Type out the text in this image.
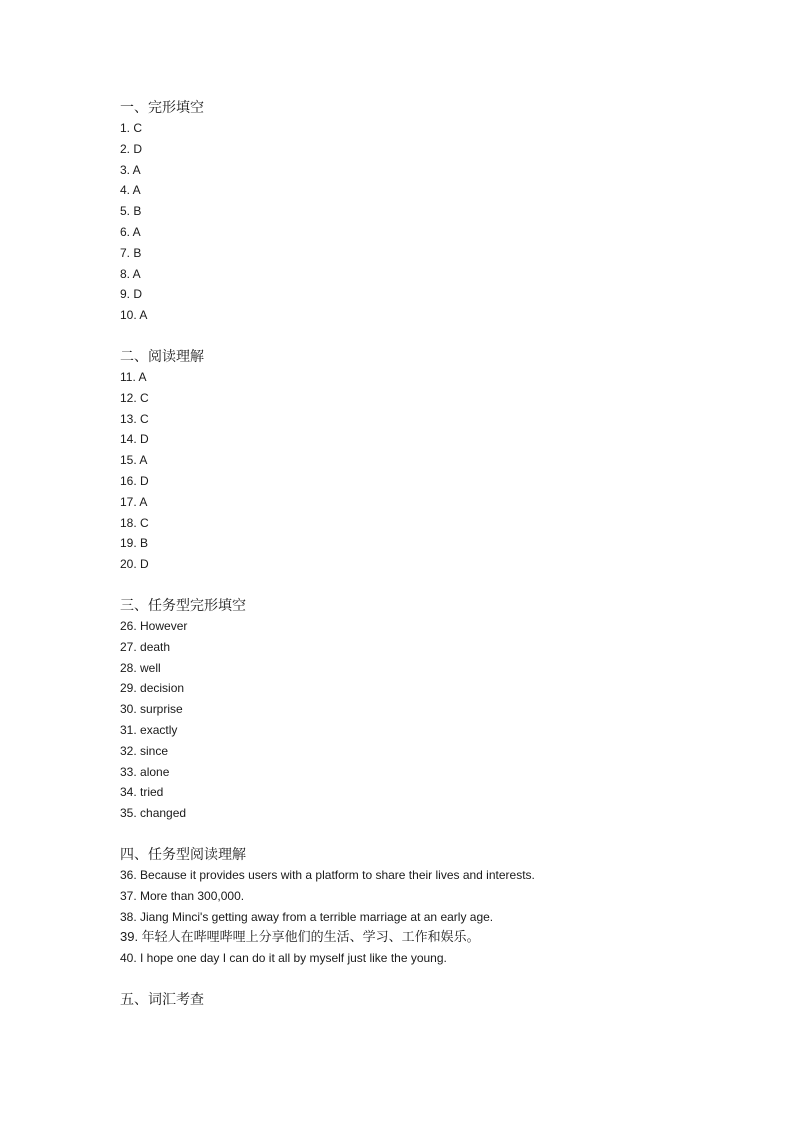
一、完形填空
1. C
2. D
3. A
4. A
5. B
6. A
7. B
8. A
9. D
10. A
二、阅读理解
11. A
12. C
13. C
14. D
15. A
16. D
17. A
18. C
19. B
20. D
三、任务型完形填空
26. However
27. death
28. well
29. decision
30. surprise
31. exactly
32. since
33. alone
34. tried
35. changed
四、任务型阅读理解
36. Because it provides users with a platform to share their lives and interests.
37. More than 300,000.
38. Jiang Minci's getting away from a terrible marriage at an early age.
39. 年轻人在哔哩哔哩上分享他们的生活、学习、工作和娱乐。
40. I hope one day I can do it all by myself just like the young.
五、词汇考查
